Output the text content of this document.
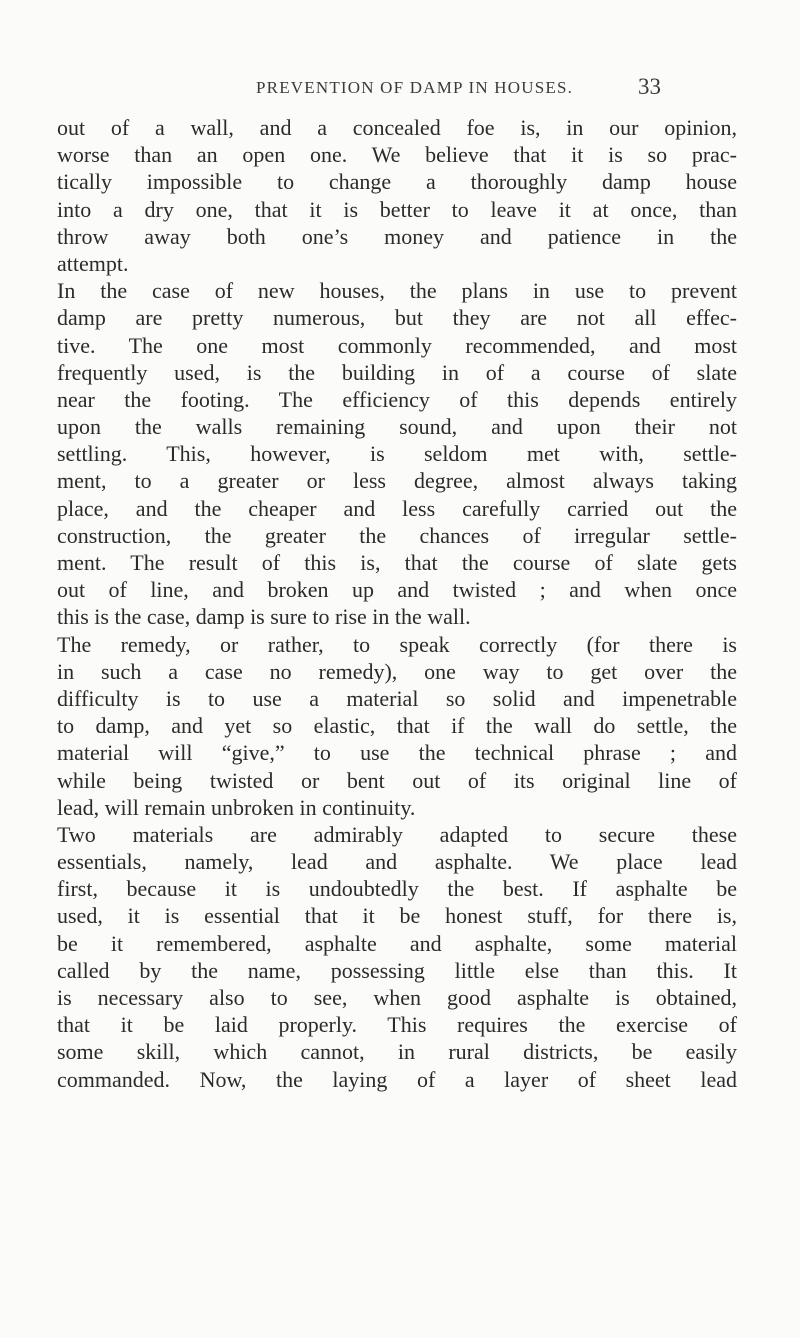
PREVENTION OF DAMP IN HOUSES.	33
out of a wall, and a concealed foe is, in our opinion,
worse than an open one. We believe that it is so prac-
tically impossible to change a thoroughly damp house
into a dry one, that it is better to leave it at once, than
throw away both one’s money and patience in the
attempt.
In the case of new houses, the plans in use to prevent
damp are pretty numerous, but they are not all effec-
tive. The one most commonly recommended, and most
frequently used, is the building in of a course of slate
near the footing. The efficiency of this depends entirely
upon the walls remaining sound, and upon their not
settling. This, however, is seldom met with, settle-
ment, to a greater or less degree, almost always taking
place, and the cheaper and less carefully carried out the
construction, the greater the chances of irregular settle-
ment. The result of this is, that the course of slate gets
out of line, and broken up and twisted ; and when once
this is the case, damp is sure to rise in the wall.
The remedy, or rather, to speak correctly (for there is
in such a case no remedy), one way to get over the
difficulty is to use a material so solid and impenetrable
to damp, and yet so elastic, that if the wall do settle, the
material will “give,” to use the technical phrase ; and
while being twisted or bent out of its original line of
lead, will remain unbroken in continuity.
Two materials are admirably adapted to secure these
essentials, namely, lead and asphalte. We place lead
first, because it is undoubtedly the best. If asphalte be
used, it is essential that it be honest stuff, for there is,
be it remembered, asphalte and asphalte, some material
called by the name, possessing little else than this. It
is necessary also to see, when good asphalte is obtained,
that it be laid properly. This requires the exercise of
some skill, which cannot, in rural districts, be easily
commanded. Now, the laying of a layer of sheet lead
